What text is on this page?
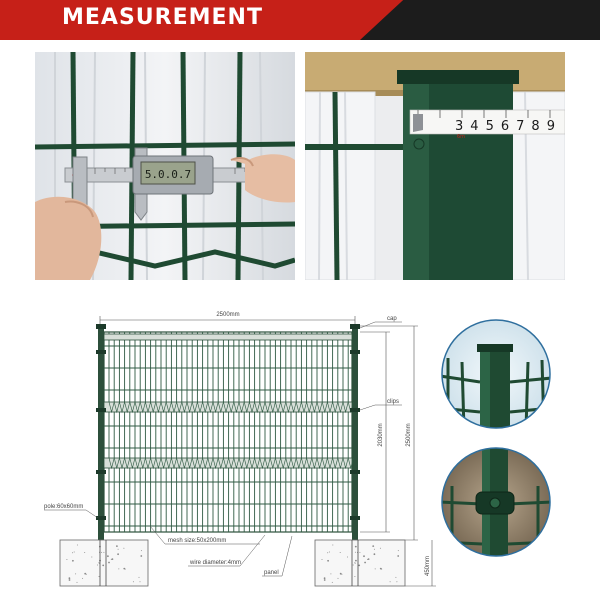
MEASUREMENT
5.0.0.7
3456789
6m
2500mm
2030mm	2500mm
450mm
cap
clips
pole:60x60mm
mesh size:50x200mm
wire diameter:4mm
panel
